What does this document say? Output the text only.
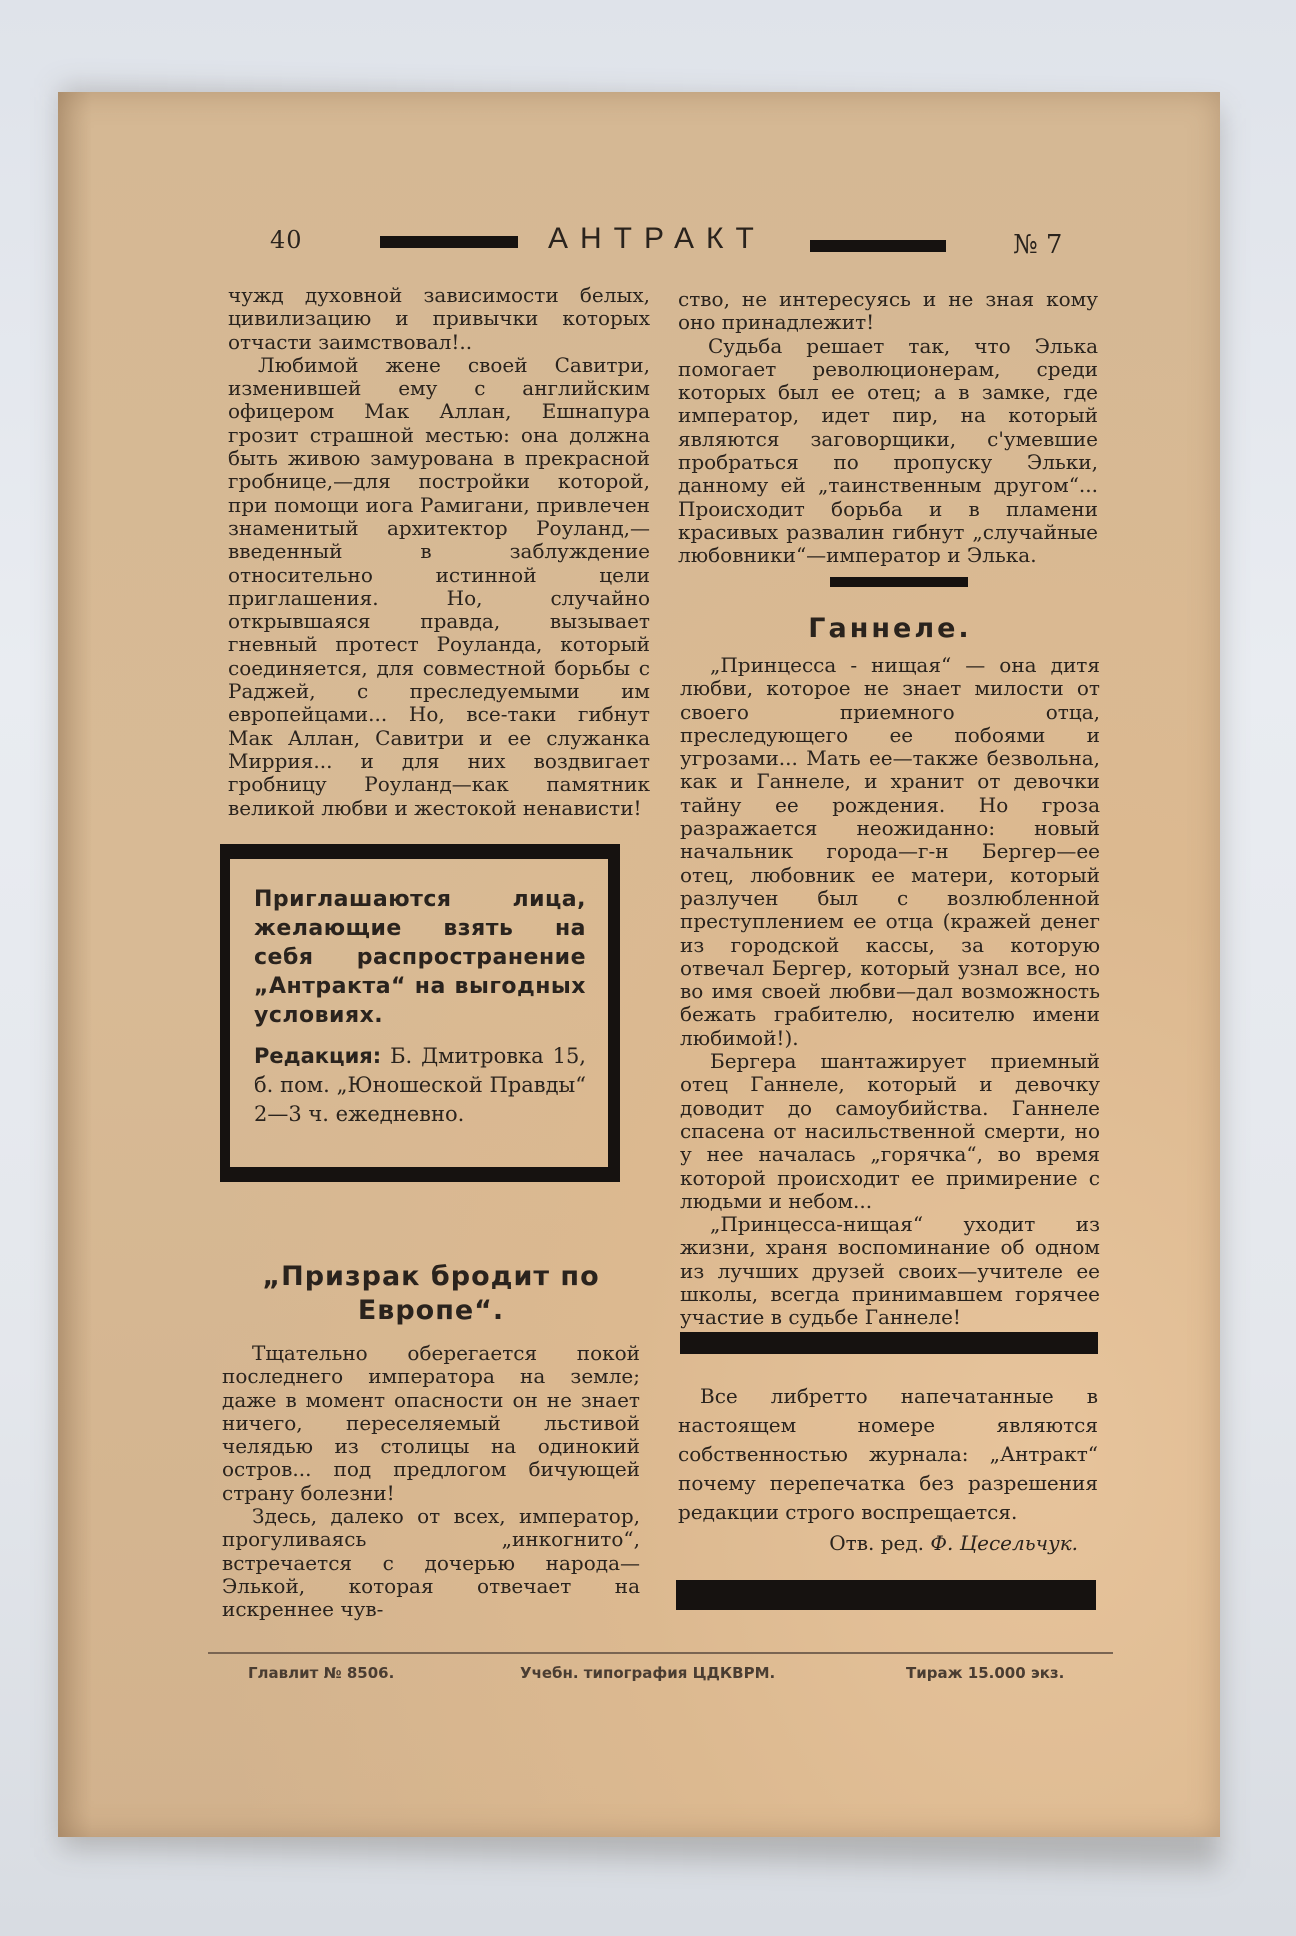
40	АНТРАКТ	№ 7

чужд духовной зависимости белых, цивилизацию и привычки которых отчасти заимствовал!..

Любимой жене своей Савитри, изменившей ему с английским офицером Мак Аллан, Ешнапура грозит страшной местью: она должна быть живою замурована в прекрасной гробнице,—для постройки которой, при помощи иога Рамигани, привлечен знаменитый архитектор Роуланд,—введенный в заблуждение относительно истинной цели приглашения. Но, случайно открывшаяся правда, вызывает гневный протест Роуланда, который соединяется, для совместной борьбы с Раджей, с преследуемыми им европейцами... Но, все-таки гибнут Мак Аллан, Савитри и ее служанка Миррия... и для них воздвигает гробницу Роуланд—как памятник великой любви и жестокой ненависти!

Приглашаются лица, желающие взять на себя распространение „Антракта“ на выгодных условиях.
Редакция: Б. Дмитровка 15, б. пом. „Юношеской Правды“ 2—3 ч. ежедневно.
„Призрак бродит по Европе“.

Тщательно оберегается покой последнего императора на земле; даже в момент опасности он не знает ничего, переселяемый льстивой челядью из столицы на одинокий остров... под предлогом бичующей страну болезни!

Здесь, далеко от всех, император, прогуливаясь „инкогнито“, встречается с дочерью народа—Элькой, которая отвечает на искреннее чув-

ство, не интересуясь и не зная кому оно принадлежит!

Судьба решает так, что Элька помогает революционерам, среди которых был ее отец; а в замке, где император, идет пир, на который являются заговорщики, с'умевшие пробраться по пропуску Эльки, данному ей „таинственным другом“... Происходит борьба и в пламени красивых развалин гибнут „случайные любовники“—император и Элька.

Ганнеле.

„Принцесса - нищая“ — она дитя любви, которое не знает милости от своего приемного отца, преследующего ее побоями и угрозами... Мать ее—также безвольна, как и Ганнеле, и хранит от девочки тайну ее рождения. Но гроза разражается неожиданно: новый начальник города—г-н Бергер—ее отец, любовник ее матери, который разлучен был с возлюбленной преступлением ее отца (кражей денег из городской кассы, за которую отвечал Бергер, который узнал все, но во имя своей любви—дал возможность бежать грабителю, носителю имени любимой!).

Бергера шантажирует приемный отец Ганнеле, который и девочку доводит до самоубийства. Ганнеле спасена от насильственной смерти, но у нее началась „горячка“, во время которой происходит ее примирение с людьми и небом...

„Принцесса-нищая“ уходит из жизни, храня воспоминание об одном из лучших друзей своих—учителе ее школы, всегда принимавшем горячее участие в судьбе Ганнеле!

Все либретто напечатанные в настоящем номере являются собственностью журнала: „Антракт“ почему перепечатка без разрешения редакции строго воспрещается.

Отв. ред. Ф. Цесельчук.
Главлит № 8506.	Учебн. типография ЦДКВРМ.	Тираж 15.000 экз.
